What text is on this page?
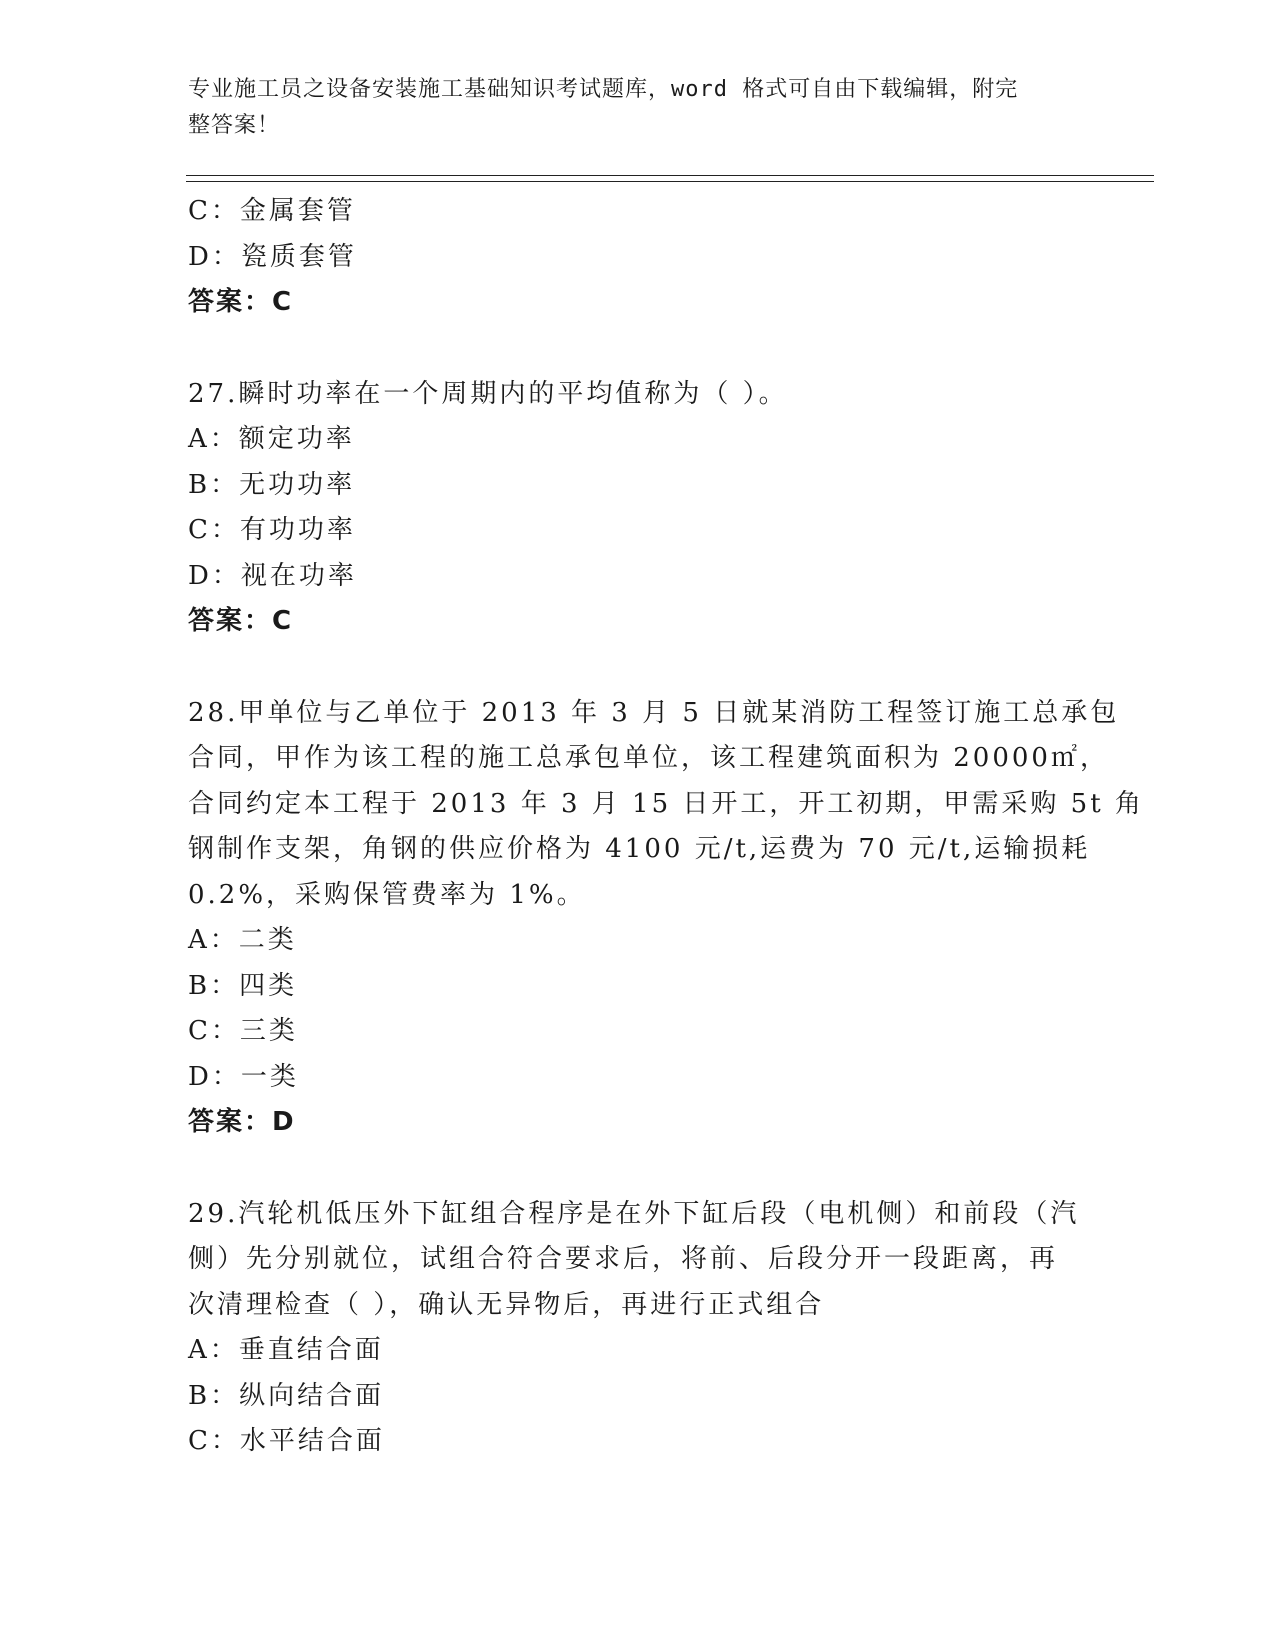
专业施工员之设备安装施工基础知识考试题库，word 格式可自由下载编辑，附完
整答案！
C：金属套管
D：瓷质套管
答案：C
27.瞬时功率在一个周期内的平均值称为（ ）。
A：额定功率
B：无功功率
C：有功功率
D：视在功率
答案：C
28.甲单位与乙单位于 2013 年 3 月 5 日就某消防工程签订施工总承包
合同，甲作为该工程的施工总承包单位，该工程建筑面积为 20000㎡，
合同约定本工程于 2013 年 3 月 15 日开工，开工初期，甲需采购 5t 角
钢制作支架，角钢的供应价格为 4100 元/t,运费为 70 元/t,运输损耗
0.2%，采购保管费率为 1%。
A：二类
B：四类
C：三类
D：一类
答案：D
29.汽轮机低压外下缸组合程序是在外下缸后段（电机侧）和前段（汽
侧）先分别就位，试组合符合要求后，将前、后段分开一段距离，再
次清理检查（ ），确认无异物后，再进行正式组合
A：垂直结合面
B：纵向结合面
C：水平结合面
